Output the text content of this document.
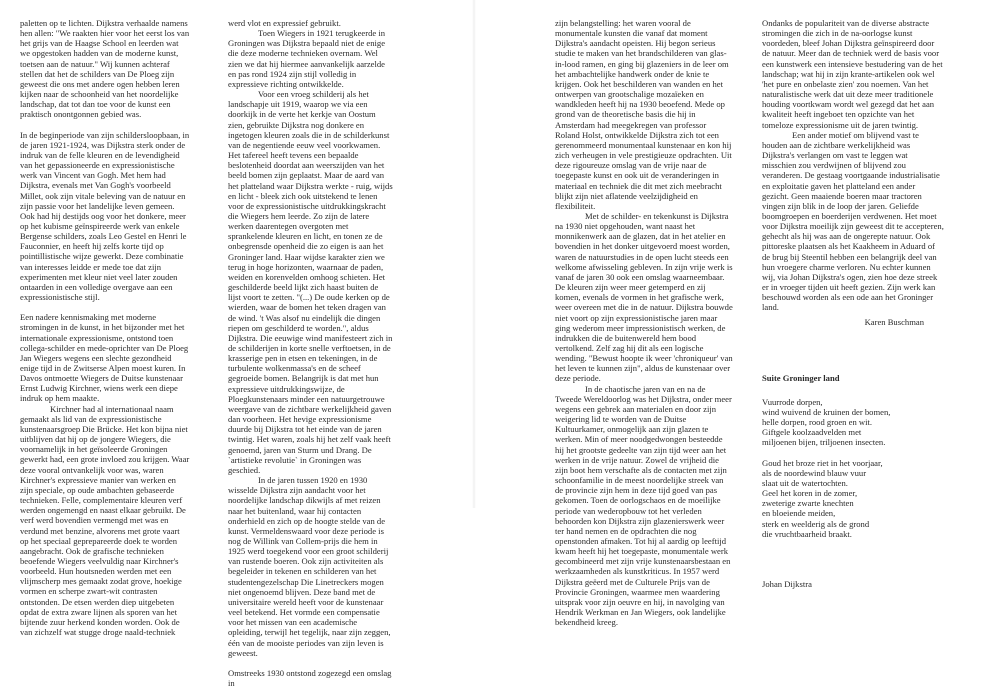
paletten op te lichten. Dijkstra verhaalde namens hen allen: "We raakten hier voor het eerst los van het grijs van de Haagse School en leerden wat we opgestoken hadden van de moderne kunst, toetsen aan de natuur." Wij kunnen achteraf stellen dat het de schilders van De Ploeg zijn geweest die ons met andere ogen hebben leren kijken naar de schoonheid van het noordelijke landschap, dat tot dan toe voor de kunst een praktisch onontgonnen gebied was.

In de beginperiode van zijn schildersloopbaan, in de jaren 1921-1924, was Dijkstra sterk onder de indruk van de felle kleuren en de levendigheid van het gepassioneerde en expressionistische werk van Vincent van Gogh. Met hem had Dijkstra, evenals met Van Gogh's voorbeeld Millet, ook zijn vitale beleving van de natuur en zijn passie voor het landelijke leven gemeen. Ook had hij destijds oog voor het donkere, meer op het kubisme geïnspireerde werk van enkele Bergense schilders, zoals Leo Gestel en Henri le Fauconnier, en heeft hij zelfs korte tijd op pointillistische wijze gewerkt. Deze combinatie van interesses leidde er mede toe dat zijn experimenten met kleur niet veel later zouden ontaarden in een volledige overgave aan een expressionistische stijl.

Een nadere kennismaking met moderne stromingen in de kunst, in het bijzonder met het internationale expressionisme, ontstond toen collega-schilder en mede-oprichter van De Ploeg Jan Wiegers wegens een slechte gezondheid enige tijd in de Zwitserse Alpen moest kuren. In Davos ontmoette Wiegers de Duitse kunstenaar Ernst Ludwig Kirchner, wiens werk een diepe indruk op hem maakte.

Kirchner had al internationaal naam gemaakt als lid van de expressionistische kunstenaarsgroep Die Brücke. Het kon bijna niet uitblijven dat hij op de jongere Wiegers, die voornamelijk in het geïsoleerde Groningen gewerkt had, een grote invloed zou krijgen. Waar deze vooral ontvankelijk voor was, waren Kirchner's expressieve manier van werken en zijn speciale, op oude ambachten gebaseerde technieken. Felle, complementaire kleuren verf werden ongemengd en naast elkaar gebruikt. De verf werd bovendien vermengd met was en verdund met benzine, alvorens met grote vaart op het speciaal geprepareerde doek te worden aangebracht. Ook de grafische technieken beoefende Wiegers veelvuldig naar Kirchner's voorbeeld. Hun houtsneden werden met een vlijmscherp mes gemaakt zodat grove, hoekige vormen en scherpe zwart-wit contrasten ontstonden. De etsen werden diep uitgebeten opdat de extra zware lijnen als sporen van het bijtende zuur herkend konden worden. Ook de van zichzelf wat stugge droge naald-techniek

werd vlot en expressief gebruikt.

Toen Wiegers in 1921 terugkeerde in Groningen was Dijkstra bepaald niet de enige die deze moderne technieken overnam. Wel zien we dat hij hiermee aanvankelijk aarzelde en pas rond 1924 zijn stijl volledig in expressieve richting ontwikkelde.

Voor een vroeg schilderij als het landschapje uit 1919, waarop we via een doorkijk in de verte het kerkje van Oostum zien, gebruikte Dijkstra nog donkere en ingetogen kleuren zoals die in de schilderkunst van de negentiende eeuw veel voorkwamen. Het tafereel heeft tevens een bepaalde beslotenheid doordat aan weerszijden van het beeld bomen zijn geplaatst. Maar de aard van het platteland waar Dijkstra werkte - ruig, wijds en licht - bleek zich ook uitstekend te lenen voor de expressionistische uitdrukkingskracht die Wiegers hem leerde. Zo zijn de latere werken daarentegen overgoten met sprankelende kleuren en licht, en tonen ze de onbegrensde openheid die zo eigen is aan het Groninger land. Haar wijdse karakter zien we terug in hoge horizonten, waarnaar de paden, weiden en korenvelden omhoog schieten. Het geschilderde beeld lijkt zich haast buiten de lijst voort te zetten. "(...) De oude kerken op de wierden, waar de bomen het teken dragen van de wind. 't Was alsof nu eindelijk die dingen riepen om geschilderd te worden.", aldus Dijkstra. Die eeuwige wind manifesteert zich in de schilderijen in korte snelle verftoetsen, in de krasserige pen in etsen en tekeningen, in de turbulente wolkenmassa's en de scheef gegroeide bomen. Belangrijk is dat met hun expressieve uitdrukkingswijze, de Ploegkunstenaars minder een natuurgetrouwe weergave van de zichtbare werkelijkheid gaven dan voorheen. Het hevige expressionisme duurde bij Dijkstra tot het einde van de jaren twintig. Het waren, zoals hij het zelf vaak heeft genoemd, jaren van Sturm und Drang. De `artistieke revolutie` in Groningen was geschied.

In de jaren tussen 1920 en 1930 wisselde Dijkstra zijn aandacht voor het noordelijke landschap dikwijls af met reizen naar het buitenland, waar hij contacten onderhield en zich op de hoogte stelde van de kunst. Vermeldenswaard voor deze periode is nog de Willink van Collem-prijs die hem in 1925 werd toegekend voor een groot schilderij van rustende boeren. Ook zijn activiteiten als begeleider in tekenen en schilderen van het studentengezelschap Die Linetreckers mogen niet ongenoemd blijven. Deze band met de universitaire wereld heeft voor de kunstenaar veel betekend. Het vormde een compensatie voor het missen van een academische opleiding, terwijl het tegelijk, naar zijn zeggen, één van de mooiste periodes van zijn leven is geweest.

Omstreeks 1930 ontstond zogezegd een omslag in

zijn belangstelling: het waren vooral de monumentale kunsten die vanaf dat moment Dijkstra's aandacht opeisten. Hij begon serieus studie te maken van het brandschilderen van glas-in-lood ramen, en ging bij glazeniers in de leer om het ambachtelijke handwerk onder de knie te krijgen. Ook het beschilderen van wanden en het ontwerpen van grootschalige mozaïeken en wandkleden heeft hij na 1930 beoefend. Mede op grond van de theoretische basis die hij in Amsterdam had meegekregen van professor Roland Holst, ontwikkelde Dijkstra zich tot een gerenommeerd monumentaal kunstenaar en kon hij zich verheugen in vele prestigieuze opdrachten. Uit deze rigoureuze omslag van de vrije naar de toegepaste kunst en ook uit de veranderingen in materiaal en techniek die dit met zich meebracht blijkt zijn niet aflatende veelzijdigheid en flexibiliteit.

Met de schilder- en tekenkunst is Dijkstra na 1930 niet opgehouden, want naast het monnikenwerk aan de glazen, dat in het atelier en bovendien in het donker uitgevoerd moest worden, waren de natuurstudies in de open lucht steeds een welkome afwisseling gebleven. In zijn vrije werk is vanaf de jaren 30 ook een omslag waarneembaar. De kleuren zijn weer meer getemperd en zij komen, evenals de vormen in het grafische werk, weer overeen met die in de natuur. Dijkstra bouwde niet voort op zijn expressionistische jaren maar ging wederom meer impressionistisch werken, de indrukken die de buitenwereld hem bood vertolkend. Zelf zag hij dit als een logische wending. "Bewust hoopte ik weer 'chroniqueur' van het leven te kunnen zijn", aldus de kunstenaar over deze periode.

In de chaotische jaren van en na de Tweede Wereldoorlog was het Dijkstra, onder meer wegens een gebrek aan materialen en door zijn weigering lid te worden van de Duitse Kultuurkamer, onmogelijk aan zijn glazen te werken. Min of meer noodgedwongen besteedde hij het grootste gedeelte van zijn tijd weer aan het werken in de vrije natuur. Zowel de vrijheid die zijn boot hem verschafte als de contacten met zijn schoonfamilie in de meest noordelijke streek van de provincie zijn hem in deze tijd goed van pas gekomen. Toen de oorlogschaos en de moeilijke periode van wederopbouw tot het verleden behoorden kon Dijkstra zijn glazenierswerk weer ter hand nemen en de opdrachten die nog openstonden afmaken. Tot hij al aardig op leeftijd kwam heeft hij het toegepaste, monumentale werk gecombineerd met zijn vrije kunstenaarsbestaan en werkzaamheden als kunstkriticus. In 1957 werd Dijkstra geëerd met de Culturele Prijs van de Provincie Groningen, waarmee men waardering uitsprak voor zijn oeuvre en hij, in navolging van Hendrik Werkman en Jan Wiegers, ook landelijke bekendheid kreeg.

Ondanks de populariteit van de diverse abstracte stromingen die zich in de na-oorlogse kunst voordeden, bleef Johan Dijkstra geïnspireerd door de natuur. Meer dan de techniek werd de basis voor een kunstwerk een intensieve bestudering van de het landschap; wat hij in zijn krante-artikelen ook wel 'het pure en onbelaste zien' zou noemen. Van het naturalistische werk dat uit deze meer traditionele houding voortkwam wordt wel gezegd dat het aan kwaliteit heeft ingeboet ten opzichte van het tomeloze expressionisme uit de jaren twintig.

Een ander motief om blijvend vast te houden aan de zichtbare werkelijkheid was Dijkstra's verlangen om vast te leggen wat misschien zou verdwijnen of blijvend zou veranderen. De gestaag voortgaande industrialisatie en exploitatie gaven het platteland een ander gezicht. Geen maaiende boeren maar tractoren vingen zijn blik in de loop der jaren. Geliefde boomgroepen en boerderijen verdwenen. Het moet voor Dijkstra moeilijk zijn geweest dit te accepteren, gehecht als hij was aan de ongerepte natuur. Ook pittoreske plaatsen als het Kaakheem in Aduard of de brug bij Steentil hebben een belangrijk deel van hun vroegere charme verloren. Nu echter kunnen wij, via Johan Dijkstra's ogen, zien hoe deze streek er in vroeger tijden uit heeft gezien. Zijn werk kan beschouwd worden als een ode aan het Groninger land.

Karen Buschman

Suite Groninger land

Vuurrode dorpen,
wind wuivend de kruinen der bomen,
helle dorpen, rood groen en wit.
Giftgele koolzaadvelden met
miljoenen bijen, triljoenen insecten.

Goud het broze riet in het voorjaar,
als de noordewind blauw vuur
slaat uit de watertochten.
Geel het koren in de zomer,
zweterige zwarte knechten
en bloeiende meiden,
sterk en weelderig als de grond
die vruchtbaarheid braakt.

Johan Dijkstra
